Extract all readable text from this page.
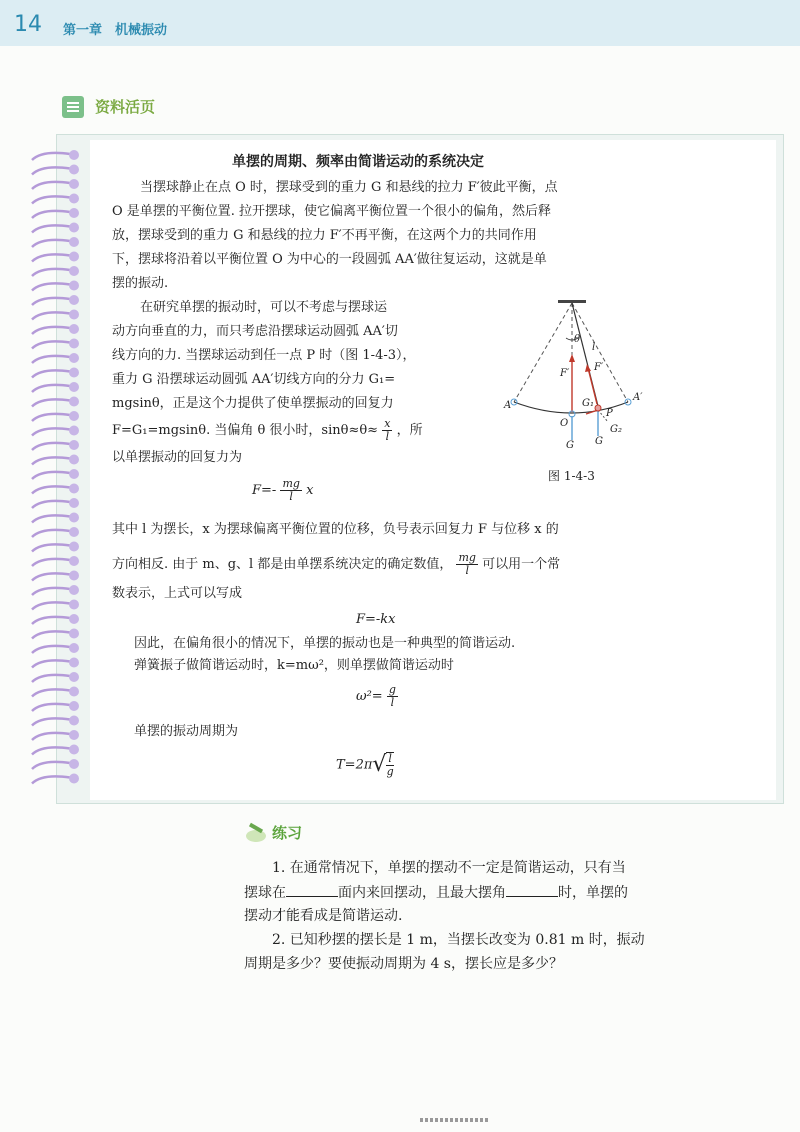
14 第一章　机械振动
资料活页
单摆的周期、频率由简谐运动的系统决定
当摆球静止在点 O 时，摆球受到的重力 G 和悬线的拉力 F′彼此平衡，点
O 是单摆的平衡位置. 拉开摆球，使它偏离平衡位置一个很小的偏角，然后释
放，摆球受到的重力 G 和悬线的拉力 F′不再平衡，在这两个力的共同作用
下，摆球将沿着以平衡位置 O 为中心的一段圆弧 AA′做往复运动，这就是单
摆的振动.
在研究单摆的振动时，可以不考虑与摆球运
动方向垂直的力，而只考虑沿摆球运动圆弧 AA′切
线方向的力. 当摆球运动到任一点 P 时（图 1-4-3），
重力 G 沿摆球运动圆弧 AA′切线方向的分力 G₁=
mgsinθ，正是这个力提供了使单摆振动的回复力
F=G₁=mgsinθ. 当偏角 θ 很小时，$\sin\theta\approx\theta\approx \frac{x}{l}$ ，所
以单摆振动的回复力为
$F=- \frac{mg}{l}$ x
其中 l 为摆长，x 为摆球偏离平衡位置的位移，负号表示回复力 F 与位移 x 的
方向相反. 由于 m、g、l 都是由单摆系统决定的确定数值， $\frac{mg}{l}$ 可以用一个常
数表示，上式可以写成
F=-kx
因此，在偏角很小的情况下，单摆的振动也是一种典型的简谐运动.
弹簧振子做简谐运动时，k=mω²，则单摆做简谐运动时
$\omega^2= \frac{g}{l}$
单摆的振动周期为
$T=2\pi√ \frac{l}{g}$
θ
l
F′
F′
A
A′
O
G₁
P
G G
G₂
图 1-4-3
练习
1. 在通常情况下，单摆的摆动不一定是简谐运动，只有当
摆球在	面内来回摆动，且最大摆角	时，单摆的
摆动才能看成是简谐运动.
2. 已知秒摆的摆长是 1 m，当摆长改变为 0.81 m 时，振动
周期是多少？要使振动周期为 4 s，摆长应是多少？
